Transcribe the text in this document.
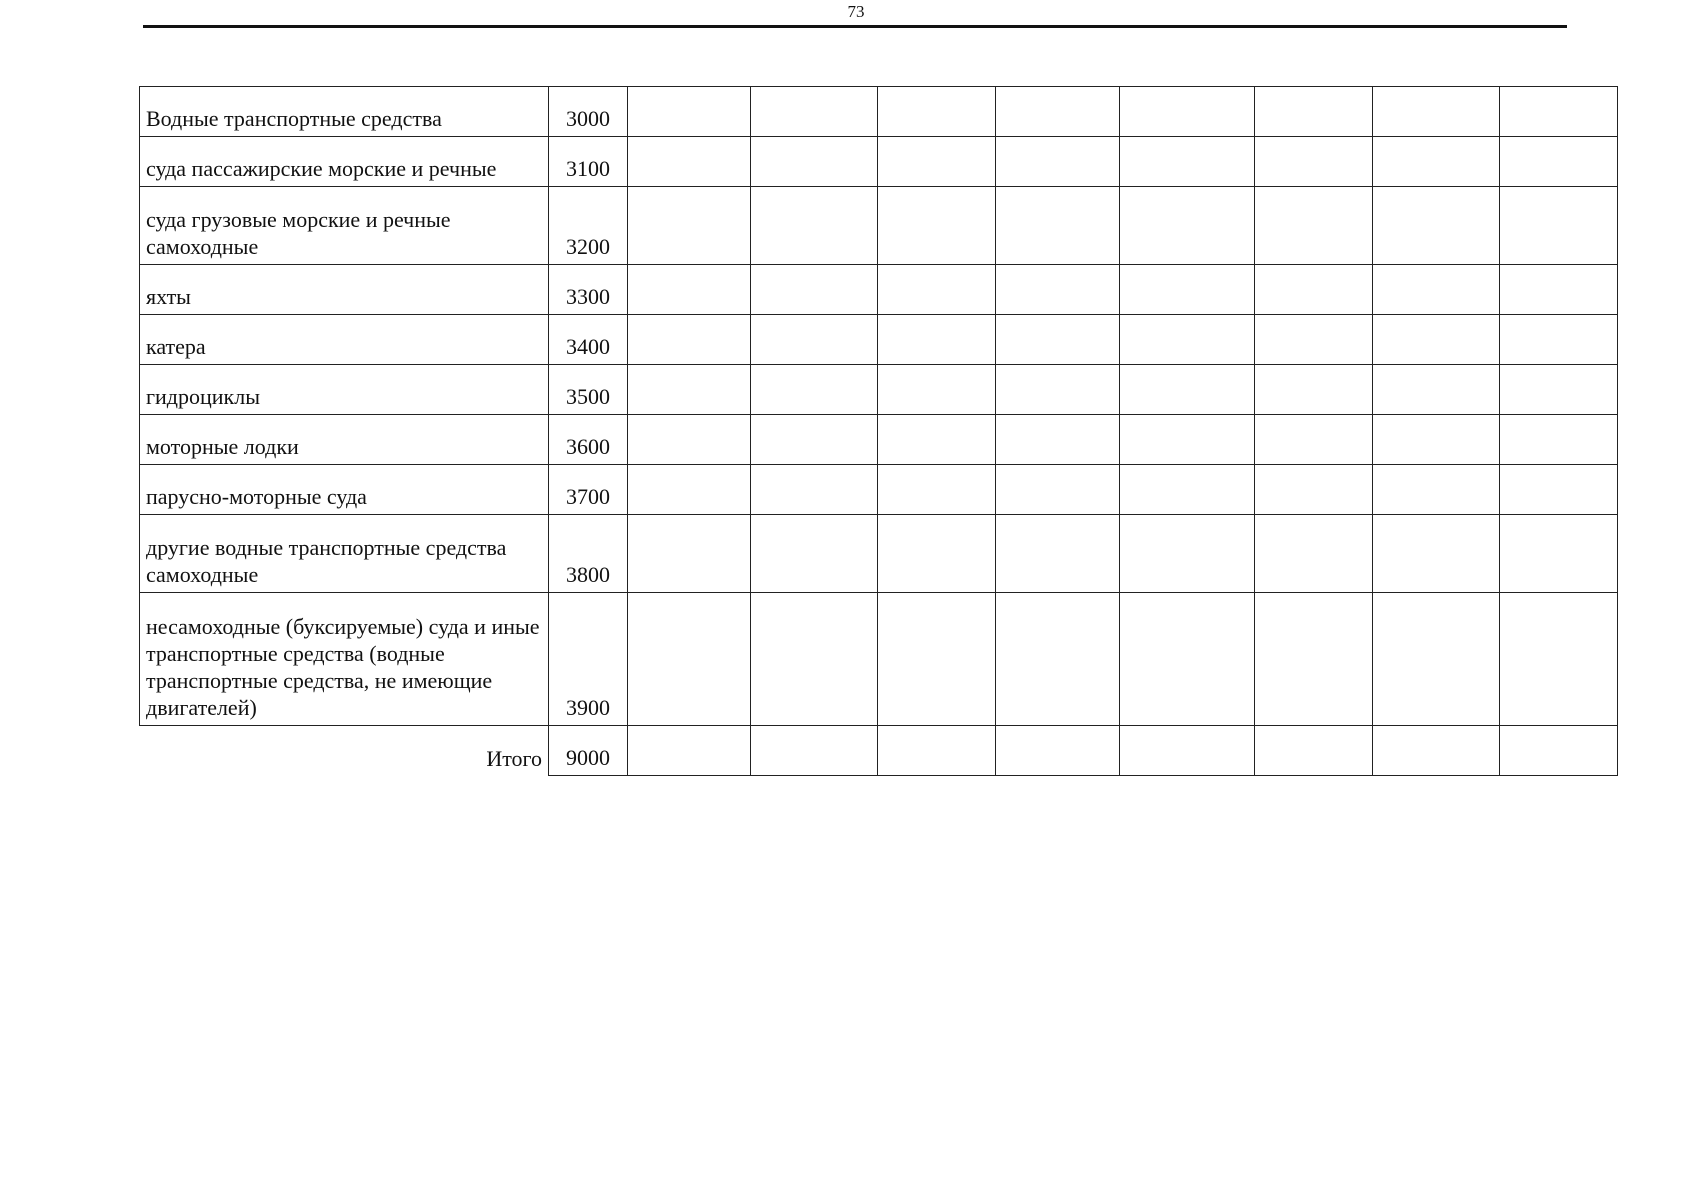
73
Водные транспортные средства	3000								
суда пассажирские морские и речные	3100								
суда грузовые морские и речные самоходные	3200								
яхты	3300								
катера	3400								
гидроциклы	3500								
моторные лодки	3600								
парусно-моторные суда	3700								
другие водные транспортные средства самоходные	3800								
несамоходные (буксируемые) суда и иные транспортные средства (водные транспортные средства, не имеющие двигателей)	3900								
Итого	9000								
